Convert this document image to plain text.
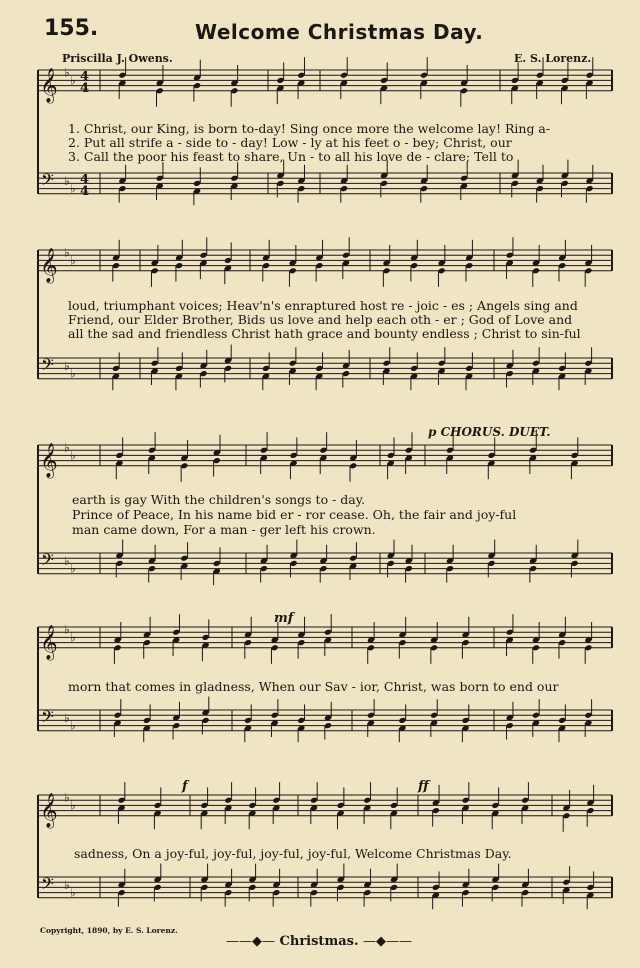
155.	Welcome Christmas Day.
Priscilla J. Owens.	E. S. Lorenz.
𝄞
𝄢
♭
♭
♭
♭
4
4
4
4
𝄞
𝄢
♭
♭
♭
♭
𝄞
𝄢
♭
♭
♭
♭
𝄞
𝄢
♭
♭
♭
♭
𝄞
𝄢
♭
♭
♭
♭
1. Christ, our King, is born to-day! Sing once more the welcome lay! Ring a-
2. Put all strife a - side to - day! Low - ly at his feet o - bey; Christ, our
3. Call the poor his feast to share, Un - to all his love de - clare; Tell to
loud, triumphant voices; Heav'n's enraptured host re - joic - es ; Angels sing and
Friend, our Elder Brother, Bids us love and help each oth - er ; God of Love and
all the sad and friendless Christ hath grace and bounty endless ; Christ to sin-ful
p CHORUS. DUET.
earth is gay With the children's songs to - day.
Prince of Peace, In his name bid er - ror cease. Oh, the fair and joy-ful
man came down, For a man - ger left his crown.
mf
morn that comes in gladness, When our Sav - ior, Christ, was born to end our
f	ff
sadness, On a joy-ful, joy-ful, joy-ful, joy-ful, Welcome Christmas Day.
Copyright, 1890, by E. S. Lorenz.
——◆— Christmas. —◆——
